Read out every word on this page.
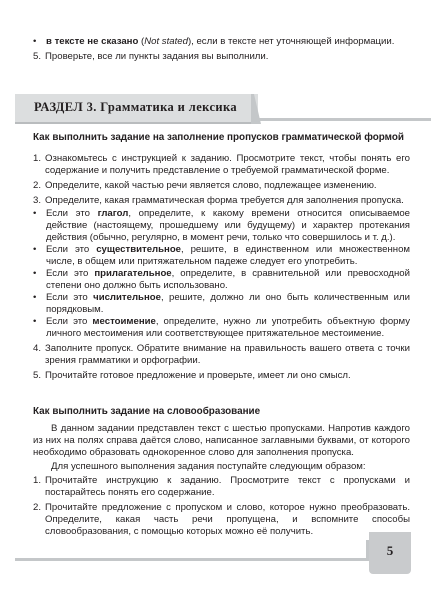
• в тексте не сказано (Not stated), если в тексте нет уточняющей информации.
5. Проверьте, все ли пункты задания вы выполнили.
РАЗДЕЛ 3. Грамматика и лексика
Как выполнить задание на заполнение пропусков грамматической формой
1. Ознакомьтесь с инструкцией к заданию. Просмотрите текст, чтобы понять его содержание и получить представление о требуемой грамматической форме.
2. Определите, какой частью речи является слово, подлежащее изменению.
3. Определите, какая грамматическая форма требуется для заполнения пропуска.
• Если это глагол, определите, к какому времени относится описываемое действие (настоящему, прошедшему или будущему) и характер протекания действия (обычно, регулярно, в момент речи, только что совершилось и т. д.).
• Если это существительное, решите, в единственном или множественном числе, в общем или притяжательном падеже следует его употребить.
• Если это прилагательное, определите, в сравнительной или превосходной степени оно должно быть использовано.
• Если это числительное, решите, должно ли оно быть количественным или порядковым.
• Если это местоимение, определите, нужно ли употребить объектную форму личного местоимения или соответствующее притяжательное местоимение.
4. Заполните пропуск. Обратите внимание на правильность вашего ответа с точки зрения грамматики и орфографии.
5. Прочитайте готовое предложение и проверьте, имеет ли оно смысл.
Как выполнить задание на словообразование
В данном задании представлен текст с шестью пропусками. Напротив каждого из них на полях справа даётся слово, написанное заглавными буквами, от которого необходимо образовать однокоренное слово для заполнения пропуска.
Для успешного выполнения задания поступайте следующим образом:
1. Прочитайте инструкцию к заданию. Просмотрите текст с пропусками и постарайтесь понять его содержание.
2. Прочитайте предложение с пропуском и слово, которое нужно преобразовать. Определите, какая часть речи пропущена, и вспомните способы словообразования, с помощью которых можно её получить.
5
